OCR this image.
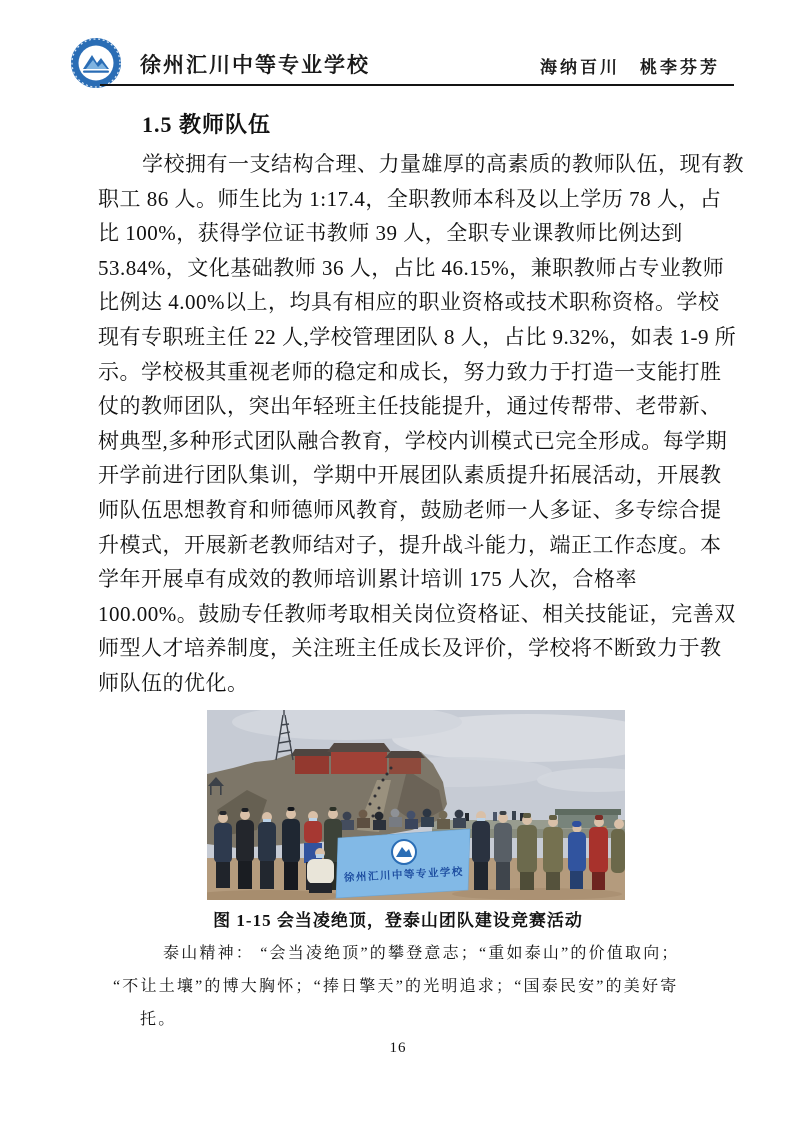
徐州汇川中等专业学校	海纳百川　桃李芬芳
1.5 教师队伍
学校拥有一支结构合理、力量雄厚的高素质的教师队伍，现有教
职工 86 人。师生比为 1:17.4，全职教师本科及以上学历 78 人，占
比 100%，获得学位证书教师 39 人，全职专业课教师比例达到
53.84%，文化基础教师 36 人，占比 46.15%，兼职教师占专业教师
比例达 4.00%以上，均具有相应的职业资格或技术职称资格。学校
现有专职班主任 22 人,学校管理团队 8 人，占比 9.32%，如表 1-9 所
示。学校极其重视老师的稳定和成长，努力致力于打造一支能打胜
仗的教师团队，突出年轻班主任技能提升，通过传帮带、老带新、
树典型,多种形式团队融合教育，学校内训模式已完全形成。每学期
开学前进行团队集训，学期中开展团队素质提升拓展活动，开展教
师队伍思想教育和师德师风教育，鼓励老师一人多证、多专综合提
升模式，开展新老教师结对子，提升战斗能力，端正工作态度。本
学年开展卓有成效的教师培训累计培训 175 人次，合格率
100.00%。鼓励专任教师考取相关岗位资格证、相关技能证，完善双
师型人才培养制度，关注班主任成长及评价，学校将不断致力于教
师队伍的优化。
徐州汇川中等专业学校
图 1-15 会当凌绝顶，登泰山团队建设竞赛活动
泰山精神： “会当凌绝顶”的攀登意志；“重如泰山”的价值取向；
“不让土壤”的博大胸怀；“捧日擎天”的光明追求；“国泰民安”的美好寄
托。
16
